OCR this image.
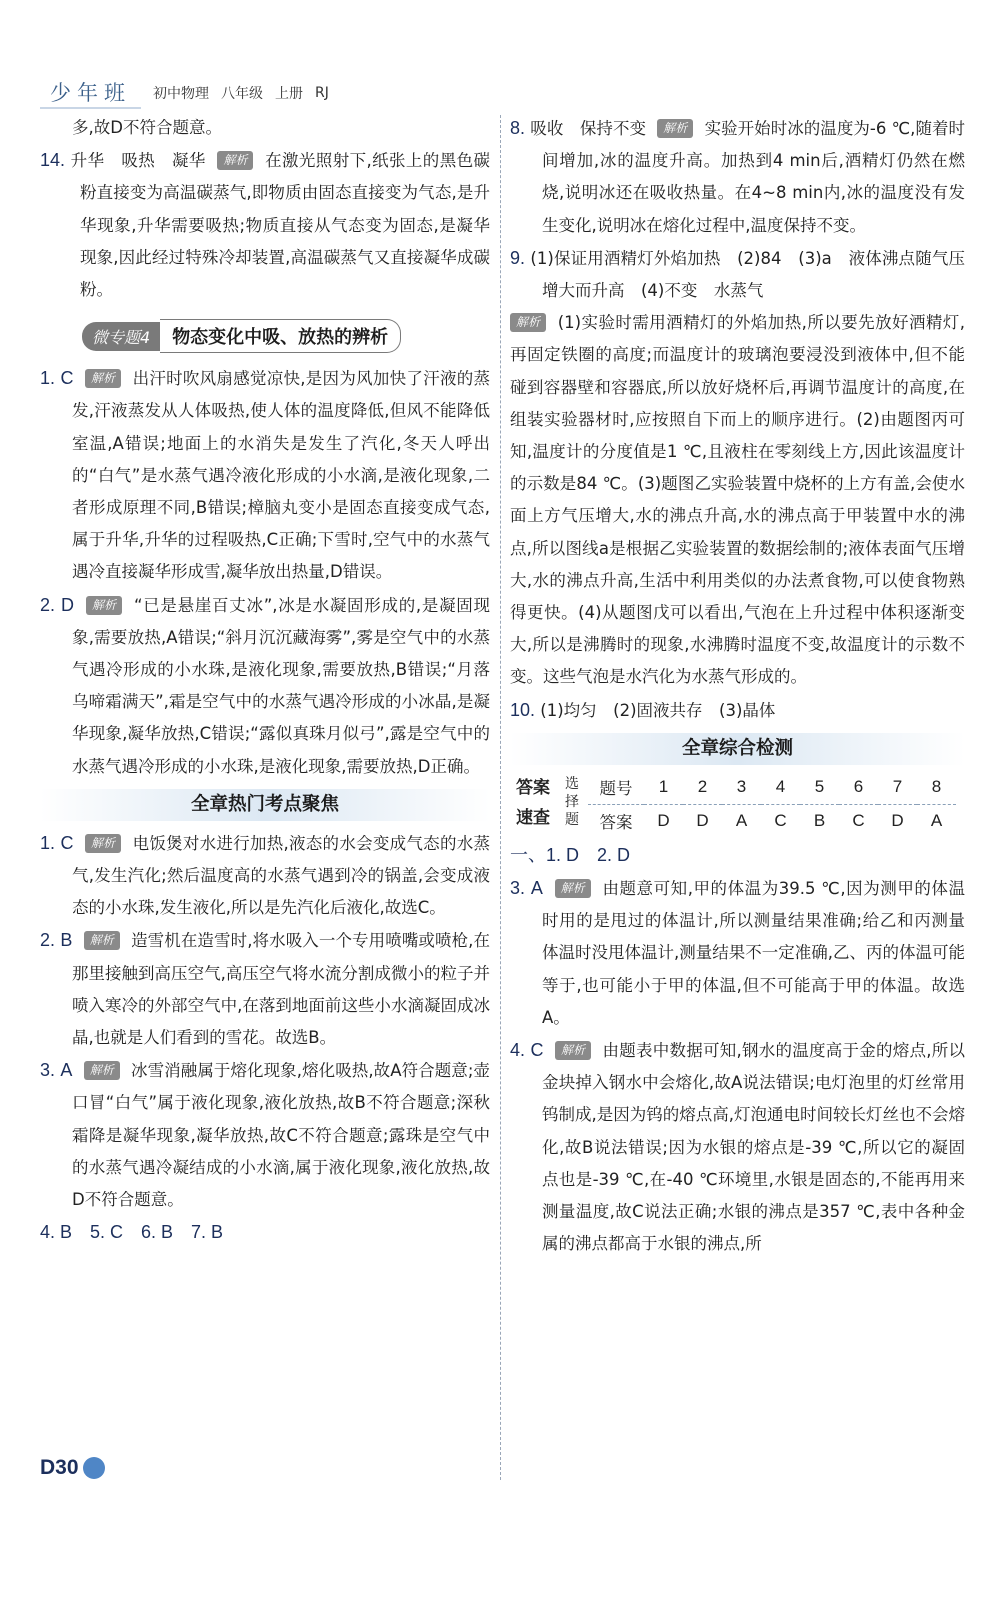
少年班	初中物理 八年级 上册 RJ

多,故D不符合题意。

14. 升华　吸热　凝华 解析 在激光照射下,纸张上的黑色碳粉直接变为高温碳蒸气,即物质由固态直接变为气态,是升华现象,升华需要吸热;物质直接从气态变为固态,是凝华现象,因此经过特殊冷却装置,高温碳蒸气又直接凝华成碳粉。

微专题4	物态变化中吸、放热的辨析

1. C 解析 出汗时吹风扇感觉凉快,是因为风加快了汗液的蒸发,汗液蒸发从人体吸热,使人体的温度降低,但风不能降低室温,A错误;地面上的水消失是发生了汽化,冬天人呼出的“白气”是水蒸气遇冷液化形成的小水滴,是液化现象,二者形成原理不同,B错误;樟脑丸变小是固态直接变成气态,属于升华,升华的过程吸热,C正确;下雪时,空气中的水蒸气遇冷直接凝华形成雪,凝华放出热量,D错误。

2. D 解析 “已是悬崖百丈冰”,冰是水凝固形成的,是凝固现象,需要放热,A错误;“斜月沉沉藏海雾”,雾是空气中的水蒸气遇冷形成的小水珠,是液化现象,需要放热,B错误;“月落乌啼霜满天”,霜是空气中的水蒸气遇冷形成的小冰晶,是凝华现象,凝华放热,C错误;“露似真珠月似弓”,露是空气中的水蒸气遇冷形成的小水珠,是液化现象,需要放热,D正确。

全章热门考点聚焦

1. C 解析 电饭煲对水进行加热,液态的水会变成气态的水蒸气,发生汽化;然后温度高的水蒸气遇到冷的锅盖,会变成液态的小水珠,发生液化,所以是先汽化后液化,故选C。

2. B 解析 造雪机在造雪时,将水吸入一个专用喷嘴或喷枪,在那里接触到高压空气,高压空气将水流分割成微小的粒子并喷入寒冷的外部空气中,在落到地面前这些小水滴凝固成冰晶,也就是人们看到的雪花。故选B。

3. A 解析 冰雪消融属于熔化现象,熔化吸热,故A符合题意;壶口冒“白气”属于液化现象,液化放热,故B不符合题意;深秋霜降是凝华现象,凝华放热,故C不符合题意;露珠是空气中的水蒸气遇冷凝结成的小水滴,属于液化现象,液化放热,故D不符合题意。

4. B　5. C　6. B　7. B

8. 吸收　保持不变 解析 实验开始时冰的温度为-6 ℃,随着时间增加,冰的温度升高。加热到4 min后,酒精灯仍然在燃烧,说明冰还在吸收热量。在4~8 min内,冰的温度没有发生变化,说明冰在熔化过程中,温度保持不变。

9. (1)保证用酒精灯外焰加热　(2)84　(3)a　液体沸点随气压增大而升高　(4)不变　水蒸气

解析 (1)实验时需用酒精灯的外焰加热,所以要先放好酒精灯,再固定铁圈的高度;而温度计的玻璃泡要浸没到液体中,但不能碰到容器壁和容器底,所以放好烧杯后,再调节温度计的高度,在组装实验器材时,应按照自下而上的顺序进行。(2)由题图丙可知,温度计的分度值是1 ℃,且液柱在零刻线上方,因此该温度计的示数是84 ℃。(3)题图乙实验装置中烧杯的上方有盖,会使水面上方气压增大,水的沸点升高,水的沸点高于甲装置中水的沸点,所以图线a是根据乙实验装置的数据绘制的;液体表面气压增大,水的沸点升高,生活中利用类似的办法煮食物,可以使食物熟得更快。(4)从题图戊可以看出,气泡在上升过程中体积逐渐变大,所以是沸腾时的现象,水沸腾时温度不变,故温度计的示数不变。这些气泡是水汽化为水蒸气形成的。

10. (1)均匀　(2)固液共存　(3)晶体

全章综合检测
答案速查
选择题
题号	1	2	3	4	5	6	7	8
答案	D	D	A	C	B	C	D	A

一、1. D　2. D

3. A 解析 由题意可知,甲的体温为39.5 ℃,因为测甲的体温时用的是甩过的体温计,所以测量结果准确;给乙和丙测量体温时没甩体温计,测量结果不一定准确,乙、丙的体温可能等于,也可能小于甲的体温,但不可能高于甲的体温。故选A。

4. C 解析 由题表中数据可知,钢水的温度高于金的熔点,所以金块掉入钢水中会熔化,故A说法错误;电灯泡里的灯丝常用钨制成,是因为钨的熔点高,灯泡通电时间较长灯丝也不会熔化,故B说法错误;因为水银的熔点是-39 ℃,所以它的凝固点也是-39 ℃,在-40 ℃环境里,水银是固态的,不能再用来测量温度,故C说法正确;水银的沸点是357 ℃,表中各种金属的沸点都高于水银的沸点,所

D30
